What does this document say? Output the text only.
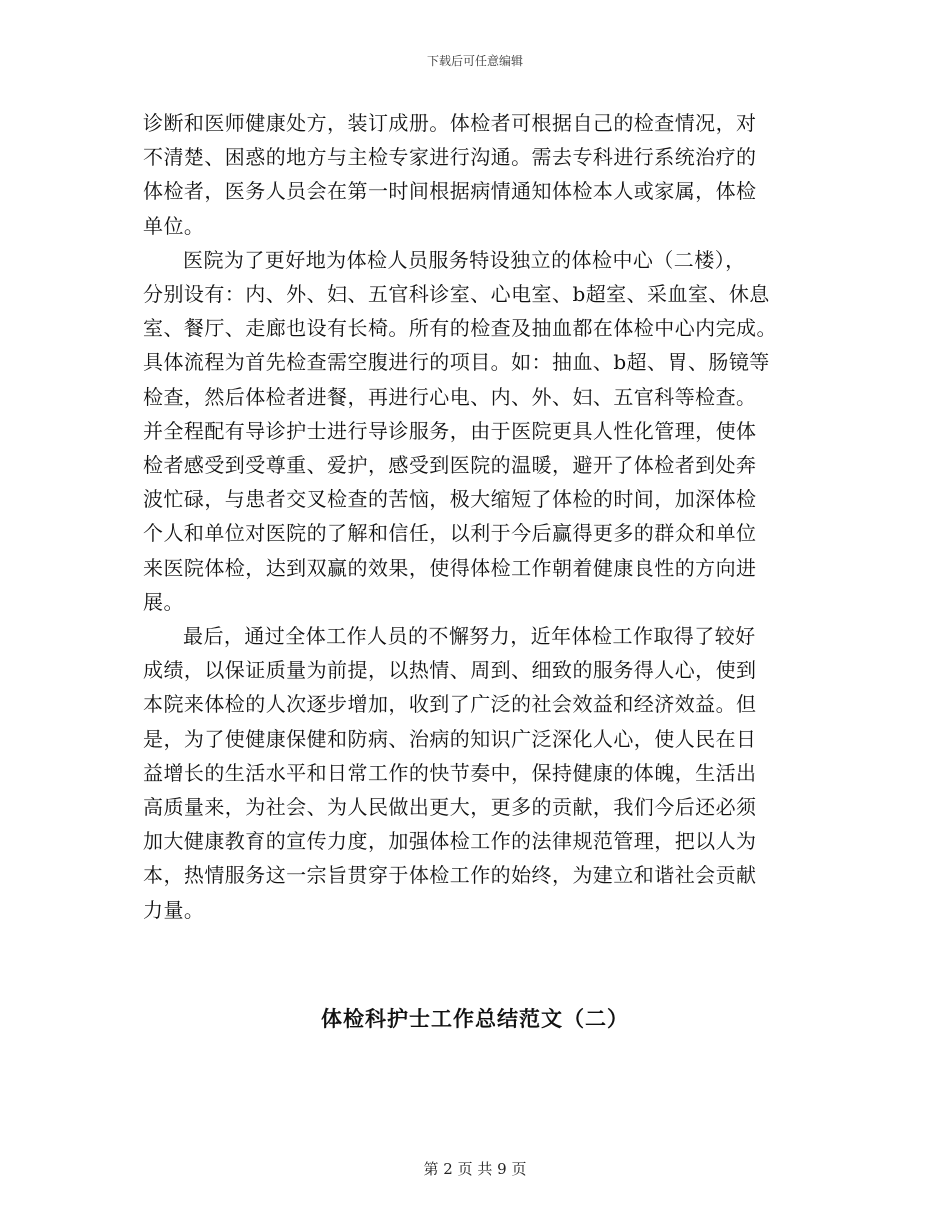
下载后可任意编辑

诊断和医师健康处方，装订成册。体检者可根据自己的检查情况，对
不清楚、困惑的地方与主检专家进行沟通。需去专科进行系统治疗的
体检者，医务人员会在第一时间根据病情通知体检本人或家属，体检
单位。

医院为了更好地为体检人员服务特设独立的体检中心（二楼），
分别设有：内、外、妇、五官科诊室、心电室、b超室、采血室、休息
室、餐厅、走廊也设有长椅。所有的检查及抽血都在体检中心内完成。
具体流程为首先检查需空腹进行的项目。如：抽血、b超、胃、肠镜等
检查，然后体检者进餐，再进行心电、内、外、妇、五官科等检查。
并全程配有导诊护士进行导诊服务，由于医院更具人性化管理，使体
检者感受到受尊重、爱护，感受到医院的温暖，避开了体检者到处奔
波忙碌，与患者交叉检查的苦恼，极大缩短了体检的时间，加深体检
个人和单位对医院的了解和信任，以利于今后赢得更多的群众和单位
来医院体检，达到双赢的效果，使得体检工作朝着健康良性的方向进
展。

最后，通过全体工作人员的不懈努力，近年体检工作取得了较好
成绩，以保证质量为前提，以热情、周到、细致的服务得人心，使到
本院来体检的人次逐步增加，收到了广泛的社会效益和经济效益。但
是，为了使健康保健和防病、治病的知识广泛深化人心，使人民在日
益增长的生活水平和日常工作的快节奏中，保持健康的体魄，生活出
高质量来，为社会、为人民做出更大，更多的贡献，我们今后还必须
加大健康教育的宣传力度，加强体检工作的法律规范管理，把以人为
本，热情服务这一宗旨贯穿于体检工作的始终，为建立和谐社会贡献
力量。

体检科护士工作总结范文（二）
第 2 页 共 9 页
